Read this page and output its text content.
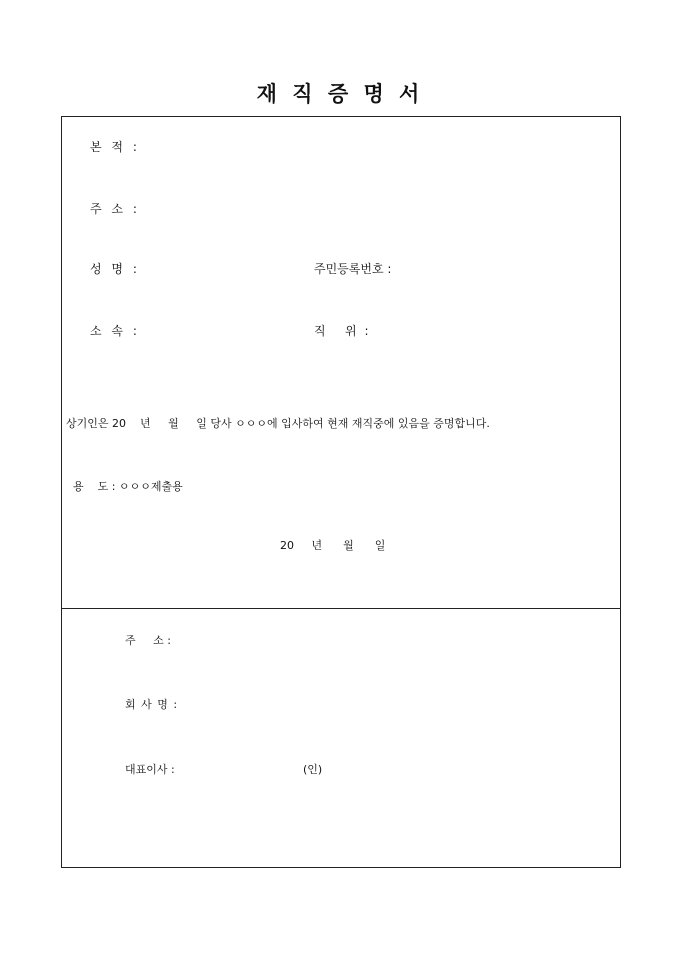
재 직 증 명 서
본 적 :
주 소 :
성 명 :	주민등록번호 :
소 속 :	직   위 :
상기인은 20    년     월     일 당사 ㅇㅇㅇ에 입사하여 현재 재직중에 있음을 증명합니다.
용    도 : ㅇㅇㅇ제출용
20     년      월      일
주     소 :
회 사 명 :
대표이사 :	(인)
